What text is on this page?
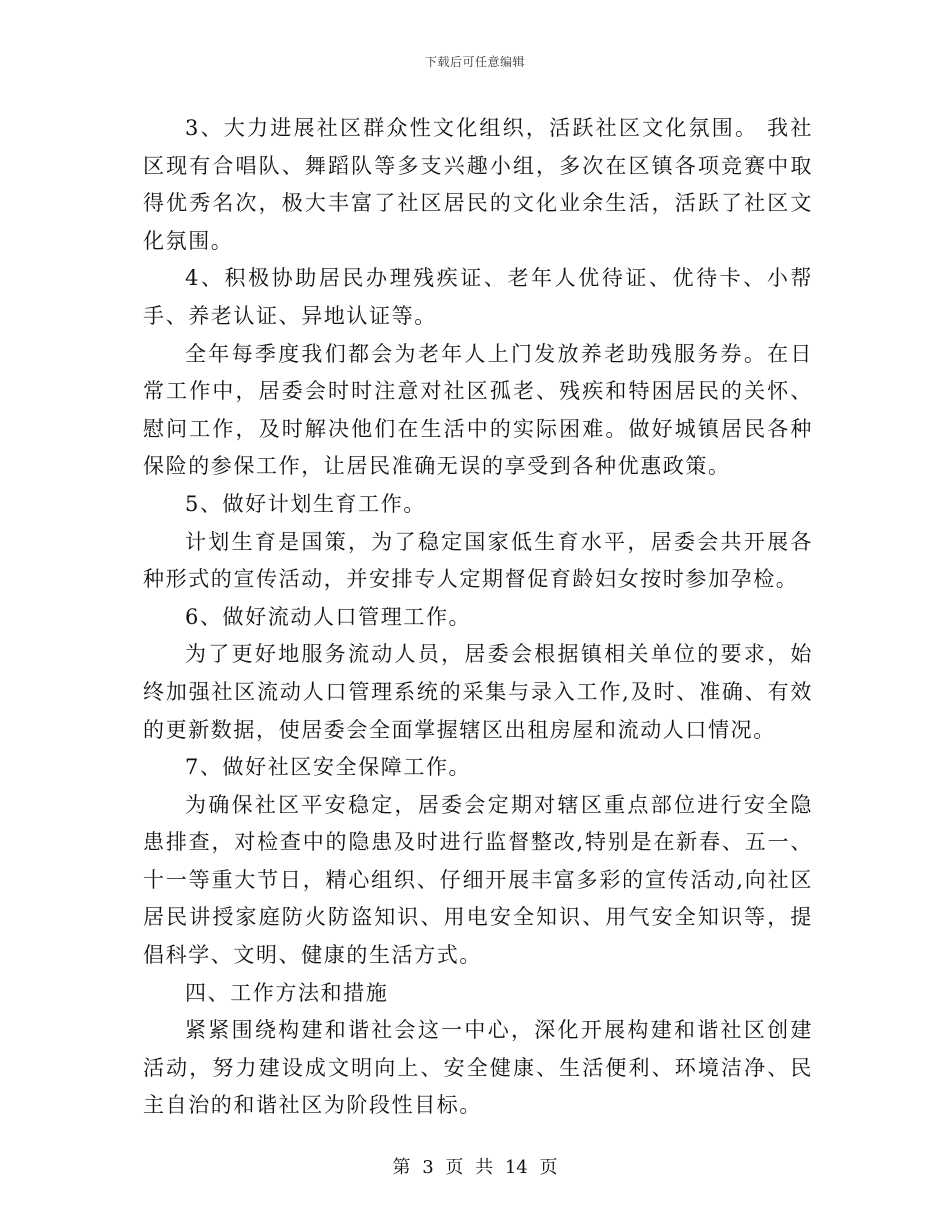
下载后可任意编辑

3、大力进展社区群众性文化组织，活跃社区文化氛围。 我社区现有合唱队、舞蹈队等多支兴趣小组，多次在区镇各项竞赛中取得优秀名次，极大丰富了社区居民的文化业余生活，活跃了社区文化氛围。

4、积极协助居民办理残疾证、老年人优待证、优待卡、小帮手、养老认证、异地认证等。

全年每季度我们都会为老年人上门发放养老助残服务券。在日常工作中，居委会时时注意对社区孤老、残疾和特困居民的关怀、慰问工作，及时解决他们在生活中的实际困难。做好城镇居民各种保险的参保工作，让居民准确无误的享受到各种优惠政策。

5、做好计划生育工作。

计划生育是国策，为了稳定国家低生育水平，居委会共开展各种形式的宣传活动，并安排专人定期督促育龄妇女按时参加孕检。

6、做好流动人口管理工作。

为了更好地服务流动人员，居委会根据镇相关单位的要求，始终加强社区流动人口管理系统的采集与录入工作,及时、准确、有效的更新数据，使居委会全面掌握辖区出租房屋和流动人口情况。

7、做好社区安全保障工作。

为确保社区平安稳定，居委会定期对辖区重点部位进行安全隐患排查，对检查中的隐患及时进行监督整改,特别是在新春、五一、十一等重大节日，精心组织、仔细开展丰富多彩的宣传活动,向社区居民讲授家庭防火防盗知识、用电安全知识、用气安全知识等，提倡科学、文明、健康的生活方式。

四、工作方法和措施

紧紧围绕构建和谐社会这一中心，深化开展构建和谐社区创建活动，努力建设成文明向上、安全健康、生活便利、环境洁净、民主自治的和谐社区为阶段性目标。

第 3 页 共 14 页
